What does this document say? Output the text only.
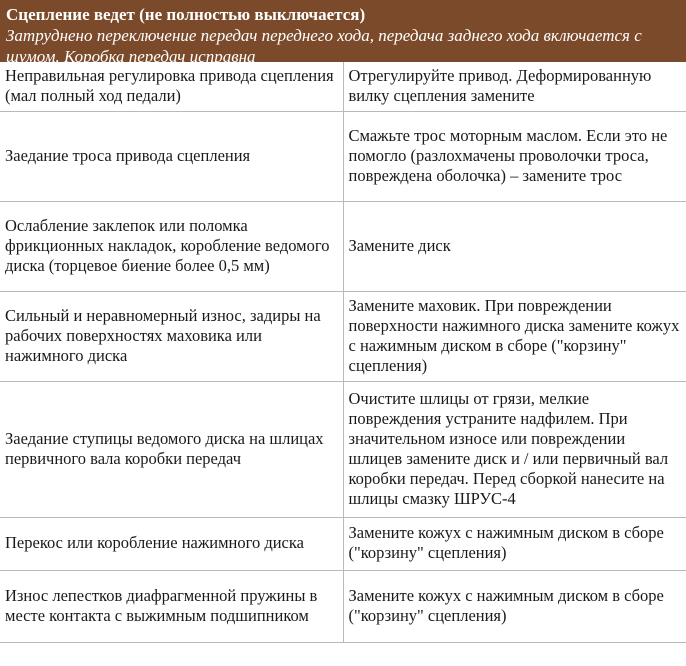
Сцепление ведет (не полностью выключается)
Затруднено переключение передач переднего хода, передача заднего хода включается с шумом. Коробка передач исправна
Неправильная регулировка привода сцепления (мал полный ход педали)	Отрегулируйте привод. Деформированную вилку сцепления замените
Заедание троса привода сцепления	Смажьте трос моторным маслом. Если это не помогло (разлохмачены проволочки троса, повреждена оболочка) – замените трос
Ослабление заклепок или поломка фрикционных накладок, коробление ведомого диска (торцевое биение более 0,5 мм)	Замените диск
Сильный и неравномерный износ, задиры на рабочих поверхностях маховика или нажимного диска	Замените маховик. При повреждении поверхности нажимного диска замените кожух с нажимным диском в сборе ("корзину" сцепления)
Заедание ступицы ведомого диска на шлицах первичного вала коробки передач	Очистите шлицы от грязи, мелкие повреждения устраните надфилем. При значительном износе или повреждении шлицев замените диск и / или первичный вал коробки передач. Перед сборкой нанесите на шлицы смазку ШРУС-4
Перекос или коробление нажимного диска	Замените кожух с нажимным диском в сборе ("корзину" сцепления)
Износ лепестков диафрагменной пружины в месте контакта с выжимным подшипником	Замените кожух с нажимным диском в сборе ("корзину" сцепления)
